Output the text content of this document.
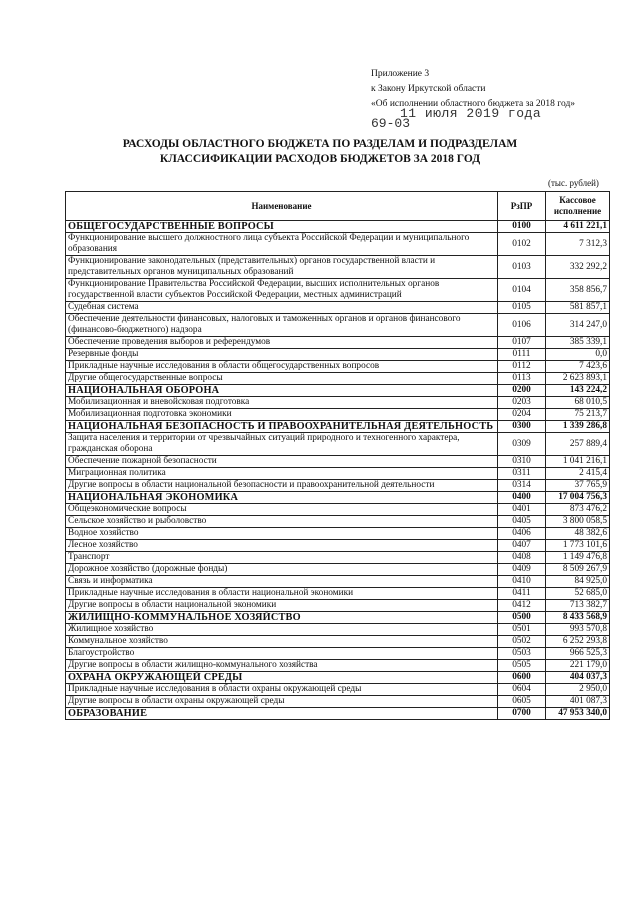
Приложение 3
к Закону Иркутской области
«Об исполнении областного бюджета за 2018 год»
11 июля 2019 года
69-03
РАСХОДЫ ОБЛАСТНОГО БЮДЖЕТА ПО РАЗДЕЛАМ И ПОДРАЗДЕЛАМ
КЛАССИФИКАЦИИ РАСХОДОВ БЮДЖЕТОВ ЗА 2018 ГОД
(тыс. рублей)
Наименование	РзПР	Кассовое исполнение
ОБЩЕГОСУДАРСТВЕННЫЕ ВОПРОСЫ	0100	4 611 221,1
Функционирование высшего должностного лица субъекта Российской Федерации и муниципального образования	0102	7 312,3
Функционирование законодательных (представительных) органов государственной власти и представительных органов муниципальных образований	0103	332 292,2
Функционирование Правительства Российской Федерации, высших исполнительных органов государственной власти субъектов Российской Федерации, местных администраций	0104	358 856,7
Судебная система	0105	581 857,1
Обеспечение деятельности финансовых, налоговых и таможенных органов и органов финансового (финансово-бюджетного) надзора	0106	314 247,0
Обеспечение проведения выборов и референдумов	0107	385 339,1
Резервные фонды	0111	0,0
Прикладные научные исследования в области общегосударственных вопросов	0112	7 423,6
Другие общегосударственные вопросы	0113	2 623 893,1
НАЦИОНАЛЬНАЯ ОБОРОНА	0200	143 224,2
Мобилизационная и вневойсковая подготовка	0203	68 010,5
Мобилизационная подготовка экономики	0204	75 213,7
НАЦИОНАЛЬНАЯ БЕЗОПАСНОСТЬ И ПРАВООХРАНИТЕЛЬНАЯ ДЕЯТЕЛЬНОСТЬ	0300	1 339 286,8
Защита населения и территории от чрезвычайных ситуаций природного и техногенного характера, гражданская оборона	0309	257 889,4
Обеспечение пожарной безопасности	0310	1 041 216,1
Миграционная политика	0311	2 415,4
Другие вопросы в области национальной безопасности и правоохранительной деятельности	0314	37 765,9
НАЦИОНАЛЬНАЯ ЭКОНОМИКА	0400	17 004 756,3
Общеэкономические вопросы	0401	873 476,2
Сельское хозяйство и рыболовство	0405	3 800 058,5
Водное хозяйство	0406	48 382,6
Лесное хозяйство	0407	1 773 101,6
Транспорт	0408	1 149 476,8
Дорожное хозяйство (дорожные фонды)	0409	8 509 267,9
Связь и информатика	0410	84 925,0
Прикладные научные исследования в области национальной экономики	0411	52 685,0
Другие вопросы в области национальной экономики	0412	713 382,7
ЖИЛИЩНО-КОММУНАЛЬНОЕ ХОЗЯЙСТВО	0500	8 433 568,9
Жилищное хозяйство	0501	993 570,8
Коммунальное хозяйство	0502	6 252 293,8
Благоустройство	0503	966 525,3
Другие вопросы в области жилищно-коммунального хозяйства	0505	221 179,0
ОХРАНА ОКРУЖАЮЩЕЙ СРЕДЫ	0600	404 037,3
Прикладные научные исследования в области охраны окружающей среды	0604	2 950,0
Другие вопросы в области охраны окружающей среды	0605	401 087,3
ОБРАЗОВАНИЕ	0700	47 953 340,0
